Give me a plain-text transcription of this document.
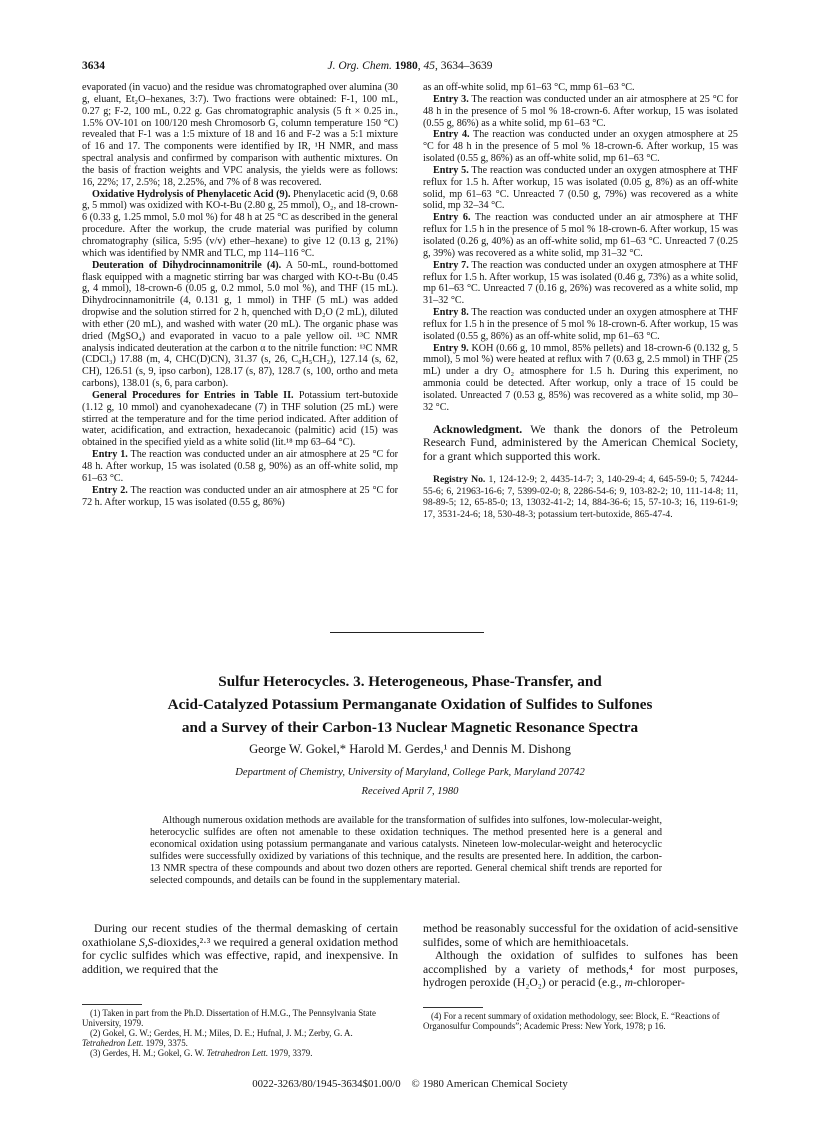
3634	J. Org. Chem. 1980, 45, 3634–3639

evaporated (in vacuo) and the residue was chromatographed over alumina (30 g, eluant, Et₂O–hexanes, 3:7). Two fractions were obtained: F-1, 100 mL, 0.27 g; F-2, 100 mL, 0.22 g. Gas chromatographic analysis (5 ft × 0.25 in., 1.5% OV-101 on 100/120 mesh Chromosorb G, column temperature 150 °C) revealed that F-1 was a 1:5 mixture of 18 and 16 and F-2 was a 5:1 mixture of 16 and 17. The components were identified by IR, ¹H NMR, and mass spectral analysis and confirmed by comparison with authentic mixtures. On the basis of fraction weights and VPC analysis, the yields were as follows: 16, 22%; 17, 2.5%; 18, 2.25%, and 7% of 8 was recovered.

Oxidative Hydrolysis of Phenylacetic Acid (9). Phenylacetic acid (9, 0.68 g, 5 mmol) was oxidized with KO-t-Bu (2.80 g, 25 mmol), O₂, and 18-crown-6 (0.33 g, 1.25 mmol, 5.0 mol %) for 48 h at 25 °C as described in the general procedure. After the workup, the crude material was purified by column chromatography (silica, 5:95 (v/v) ether–hexane) to give 12 (0.13 g, 21%) which was identified by NMR and TLC, mp 114–116 °C.

Deuteration of Dihydrocinnamonitrile (4). A 50-mL, round-bottomed flask equipped with a magnetic stirring bar was charged with KO-t-Bu (0.45 g, 4 mmol), 18-crown-6 (0.05 g, 0.2 mmol, 5.0 mol %), and THF (15 mL). Dihydrocinnamonitrile (4, 0.131 g, 1 mmol) in THF (5 mL) was added dropwise and the solution stirred for 2 h, quenched with D₂O (2 mL), diluted with ether (20 mL), and washed with water (20 mL). The organic phase was dried (MgSO₄) and evaporated in vacuo to a pale yellow oil. ¹³C NMR analysis indicated deuteration at the carbon α to the nitrile function: ¹³C NMR (CDCl₃) 17.88 (m, 4, CHC(D)CN), 31.37 (s, 26, C₆H₅CH₂), 127.14 (s, 62, CH), 126.51 (s, 9, ipso carbon), 128.17 (s, 87), 128.7 (s, 100, ortho and meta carbons), 138.01 (s, 6, para carbon).

General Procedures for Entries in Table II. Potassium tert-butoxide (1.12 g, 10 mmol) and cyanohexadecane (7) in THF solution (25 mL) were stirred at the temperature and for the time period indicated. After addition of water, acidification, and extraction, hexadecanoic (palmitic) acid (15) was obtained in the specified yield as a white solid (lit.¹⁸ mp 63–64 °C).

Entry 1. The reaction was conducted under an air atmosphere at 25 °C for 48 h. After workup, 15 was isolated (0.58 g, 90%) as an off-white solid, mp 61–63 °C.

Entry 2. The reaction was conducted under an air atmosphere at 25 °C for 72 h. After workup, 15 was isolated (0.55 g, 86%)

as an off-white solid, mp 61–63 °C, mmp 61–63 °C.

Entry 3. The reaction was conducted under an air atmosphere at 25 °C for 48 h in the presence of 5 mol % 18-crown-6. After workup, 15 was isolated (0.55 g, 86%) as a white solid, mp 61–63 °C.

Entry 4. The reaction was conducted under an oxygen atmosphere at 25 °C for 48 h in the presence of 5 mol % 18-crown-6. After workup, 15 was isolated (0.55 g, 86%) as an off-white solid, mp 61–63 °C.

Entry 5. The reaction was conducted under an oxygen atmosphere at THF reflux for 1.5 h. After workup, 15 was isolated (0.05 g, 8%) as an off-white solid, mp 61–63 °C. Unreacted 7 (0.50 g, 79%) was recovered as a white solid, mp 32–34 °C.

Entry 6. The reaction was conducted under an air atmosphere at THF reflux for 1.5 h in the presence of 5 mol % 18-crown-6. After workup, 15 was isolated (0.26 g, 40%) as an off-white solid, mp 61–63 °C. Unreacted 7 (0.25 g, 39%) was recovered as a white solid, mp 31–32 °C.

Entry 7. The reaction was conducted under an oxygen atmosphere at THF reflux for 1.5 h. After workup, 15 was isolated (0.46 g, 73%) as a white solid, mp 61–63 °C. Unreacted 7 (0.16 g, 26%) was recovered as a white solid, mp 31–32 °C.

Entry 8. The reaction was conducted under an oxygen atmosphere at THF reflux for 1.5 h in the presence of 5 mol % 18-crown-6. After workup, 15 was isolated (0.55 g, 86%) as an off-white solid, mp 61–63 °C.

Entry 9. KOH (0.66 g, 10 mmol, 85% pellets) and 18-crown-6 (0.132 g, 5 mmol), 5 mol %) were heated at reflux with 7 (0.63 g, 2.5 mmol) in THF (25 mL) under a dry O₂ atmosphere for 1.5 h. During this experiment, no ammonia could be detected. After workup, only a trace of 15 could be isolated. Unreacted 7 (0.53 g, 85%) was recovered as a white solid, mp 30–32 °C.

Acknowledgment. We thank the donors of the Petroleum Research Fund, administered by the American Chemical Society, for a grant which supported this work.

Registry No. 1, 124-12-9; 2, 4435-14-7; 3, 140-29-4; 4, 645-59-0; 5, 74244-55-6; 6, 21963-16-6; 7, 5399-02-0; 8, 2286-54-6; 9, 103-82-2; 10, 111-14-8; 11, 98-89-5; 12, 65-85-0; 13, 13032-41-2; 14, 884-36-6; 15, 57-10-3; 16, 119-61-9; 17, 3531-24-6; 18, 530-48-3; potassium tert-butoxide, 865-47-4.

Sulfur Heterocycles. 3. Heterogeneous, Phase-Transfer, and
Acid-Catalyzed Potassium Permanganate Oxidation of Sulfides to Sulfones
and a Survey of their Carbon-13 Nuclear Magnetic Resonance Spectra
George W. Gokel,* Harold M. Gerdes,¹ and Dennis M. Dishong
Department of Chemistry, University of Maryland, College Park, Maryland 20742
Received April 7, 1980

Although numerous oxidation methods are available for the transformation of sulfides into sulfones, low-molecular-weight, heterocyclic sulfides are often not amenable to these oxidation techniques. The method presented here is a general and economical oxidation using potassium permanganate and various catalysts. Nineteen low-molecular-weight and heterocyclic sulfides were successfully oxidized by variations of this technique, and the results are presented here. In addition, the carbon-13 NMR spectra of these compounds and about two dozen others are reported. General chemical shift trends are reported for selected compounds, and details can be found in the supplementary material.

During our recent studies of the thermal demasking of certain oxathiolane S,S-dioxides,²·³ we required a general oxidation method for cyclic sulfides which was effective, rapid, and inexpensive. In addition, we required that the

method be reasonably successful for the oxidation of acid-sensitive sulfides, some of which are hemithioacetals.

Although the oxidation of sulfides to sulfones has been accomplished by a variety of methods,⁴ for most purposes, hydrogen peroxide (H₂O₂) or peracid (e.g., m-chloroper-

(1) Taken in part from the Ph.D. Dissertation of H.M.G., The Pennsylvania State University, 1979.

(2) Gokel, G. W.; Gerdes, H. M.; Miles, D. E.; Hufnal, J. M.; Zerby, G. A. Tetrahedron Lett. 1979, 3375.

(3) Gerdes, H. M.; Gokel, G. W. Tetrahedron Lett. 1979, 3379.

(4) For a recent summary of oxidation methodology, see: Block, E. “Reactions of Organosulfur Compounds”; Academic Press: New York, 1978; p 16.

0022-3263/80/1945-3634$01.00/0    © 1980 American Chemical Society
